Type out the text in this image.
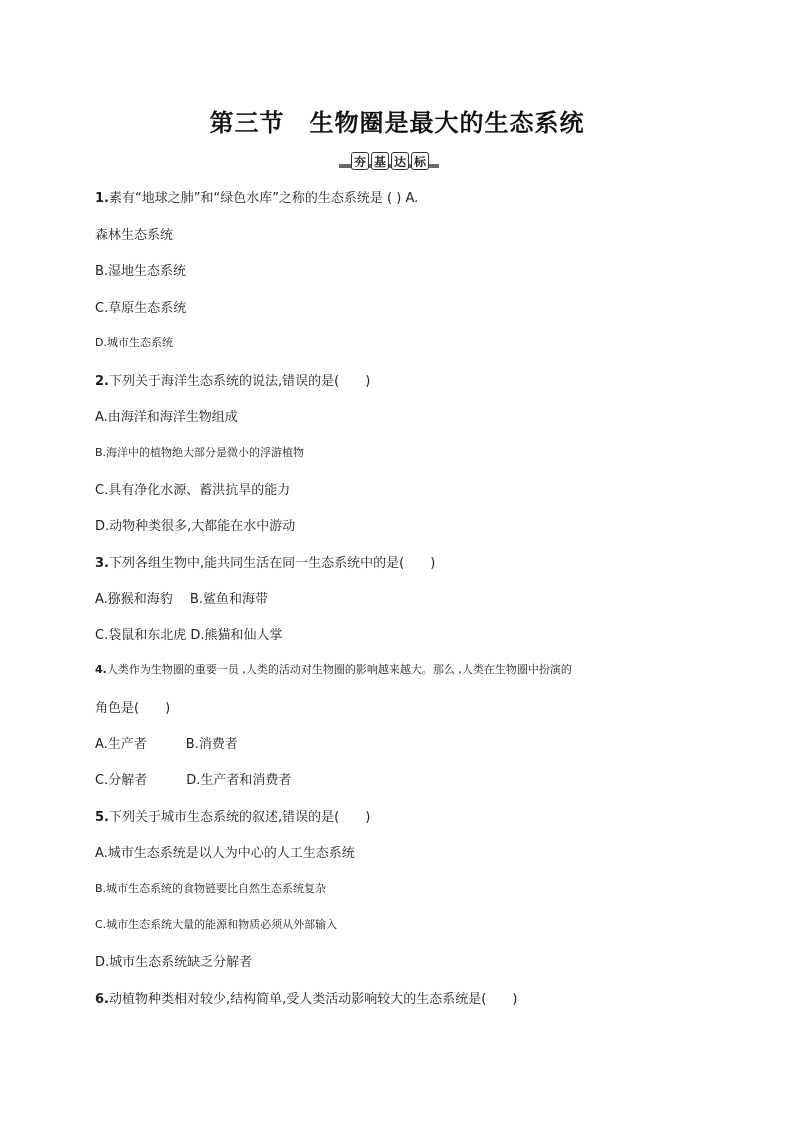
第三节　生物圈是最大的生态系统
夯 基 达 标
1.素有“地球之肺”和“绿色水库”之称的生态系统是 ( ) A.
森林生态系统
B.湿地生态系统
C.草原生态系统
D.城市生态系统
2.下列关于海洋生态系统的说法,错误的是(　　)
A.由海洋和海洋生物组成
B.海洋中的植物绝大部分是微小的浮游植物
C.具有净化水源、蓄洪抗旱的能力
D.动物种类很多,大都能在水中游动
3.下列各组生物中,能共同生活在同一生态系统中的是(　　)
A.猕猴和海豹　 B.鲨鱼和海带
C.袋鼠和东北虎 D.熊猫和仙人掌
4.人类作为生物圈的重要一员 ,人类的活动对生物圈的影响越来越大。那么 ,人类在生物圈中扮演的
角色是(　　)
A.生产者　　　B.消费者
C.分解者　　　D.生产者和消费者
5.下列关于城市生态系统的叙述,错误的是(　　)
A.城市生态系统是以人为中心的人工生态系统
B.城市生态系统的食物链要比自然生态系统复杂
C.城市生态系统大量的能源和物质必须从外部输入
D.城市生态系统缺乏分解者
6.动植物种类相对较少,结构简单,受人类活动影响较大的生态系统是(　　)
